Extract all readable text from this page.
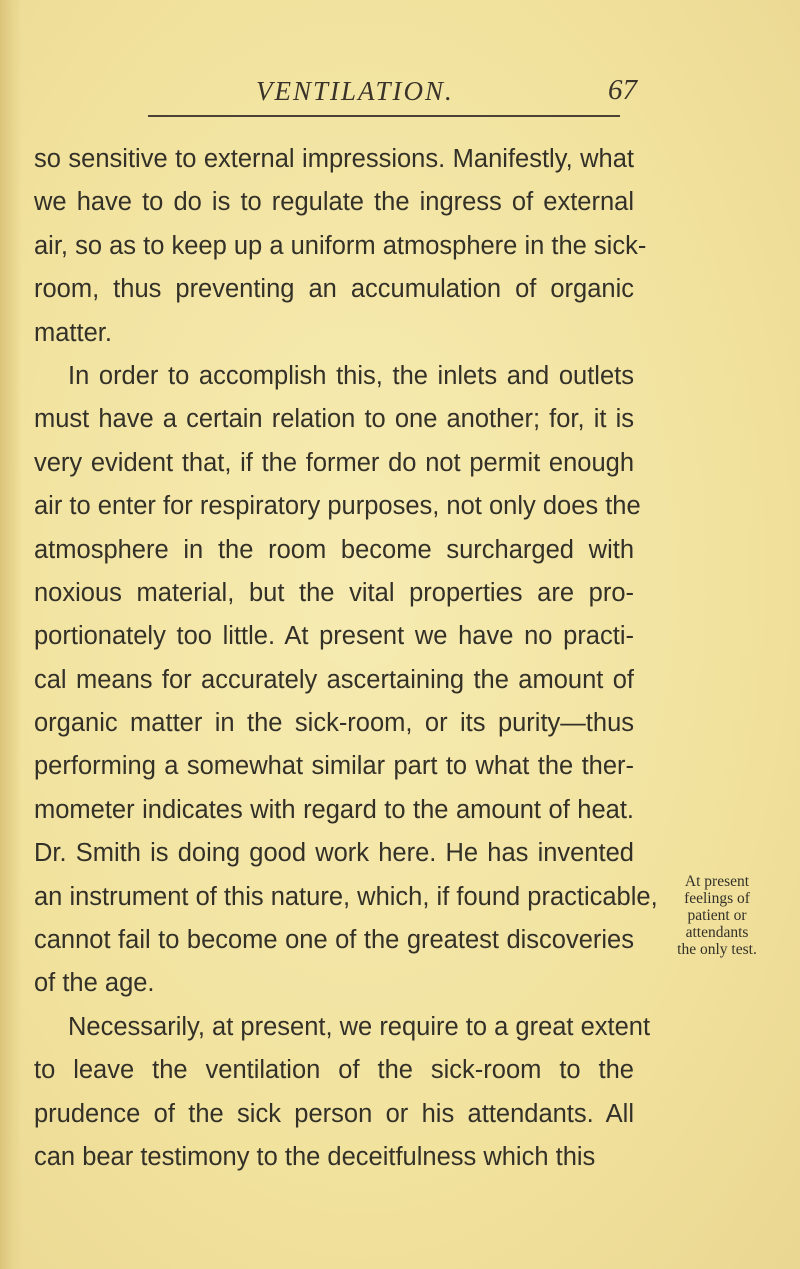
VENTILATION.	67
so sensitive to external impressions. Manifestly, what
we have to do is to regulate the ingress of external
air, so as to keep up a uniform atmosphere in the sick-
room, thus preventing an accumulation of organic
matter.
In order to accomplish this, the inlets and outlets
must have a certain relation to one another; for, it is
very evident that, if the former do not permit enough
air to enter for respiratory purposes, not only does the
atmosphere in the room become surcharged with
noxious material, but the vital properties are pro-
portionately too little. At present we have no practi-
cal means for accurately ascertaining the amount of
organic matter in the sick-room, or its purity—thus
performing a somewhat similar part to what the ther-
mometer indicates with regard to the amount of heat.
Dr. Smith is doing good work here. He has invented
an instrument of this nature, which, if found practicable,
cannot fail to become one of the greatest discoveries
of the age.
Necessarily, at present, we require to a great extent
to leave the ventilation of the sick-room to the
prudence of the sick person or his attendants. All
can bear testimony to the deceitfulness which this
At present
feelings of
patient or
attendants
the only test.
